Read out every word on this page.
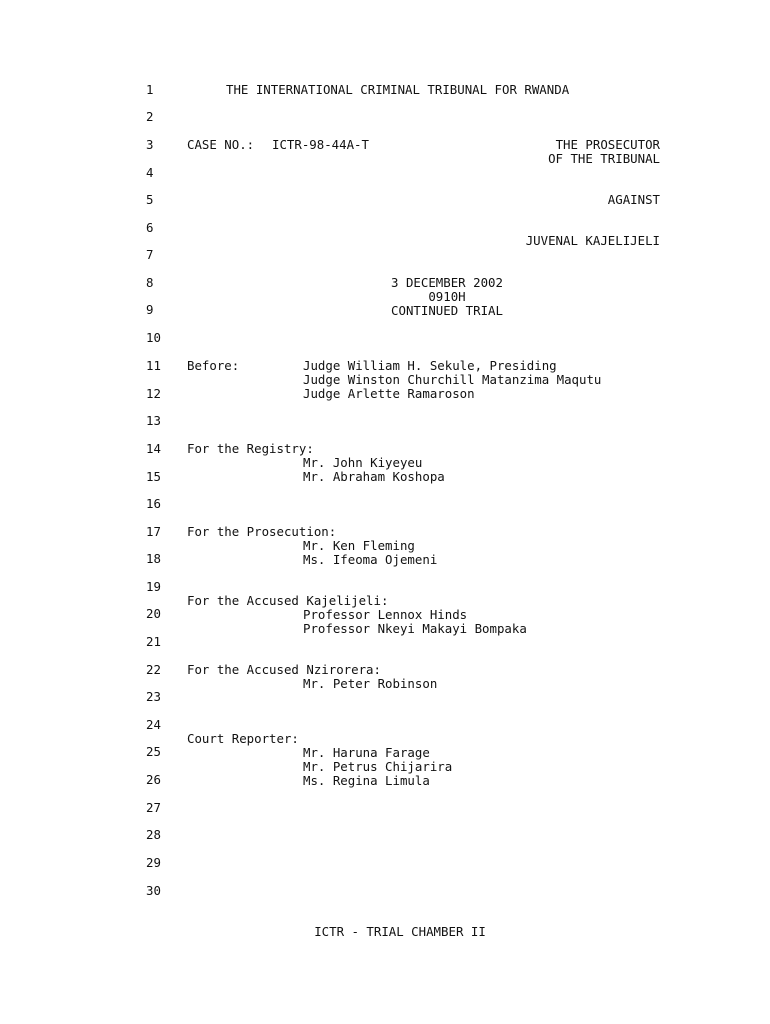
1
2
3
4
5
6
7
8
9
10
11
12
13
14
15
16
17
18
19
20
21
22
23
24
25
26
27
28
29
30
THE INTERNATIONAL CRIMINAL TRIBUNAL FOR RWANDA
CASE NO.: ICTR-98-44A-T	THE PROSECUTOR
OF THE TRIBUNAL
AGAINST
JUVENAL KAJELIJELI
3 DECEMBER 2002
0910H
CONTINUED TRIAL
Before:	Judge William H. Sekule, Presiding
Judge Winston Churchill Matanzima Maqutu
Judge Arlette Ramaroson
For the Registry:
Mr. John Kiyeyeu
Mr. Abraham Koshopa
For the Prosecution:
Mr. Ken Fleming
Ms. Ifeoma Ojemeni
For the Accused Kajelijeli:
Professor Lennox Hinds
Professor Nkeyi Makayi Bompaka
For the Accused Nzirorera:
Mr. Peter Robinson
Court Reporter:
Mr. Haruna Farage
Mr. Petrus Chijarira
Ms. Regina Limula
ICTR - TRIAL CHAMBER II
